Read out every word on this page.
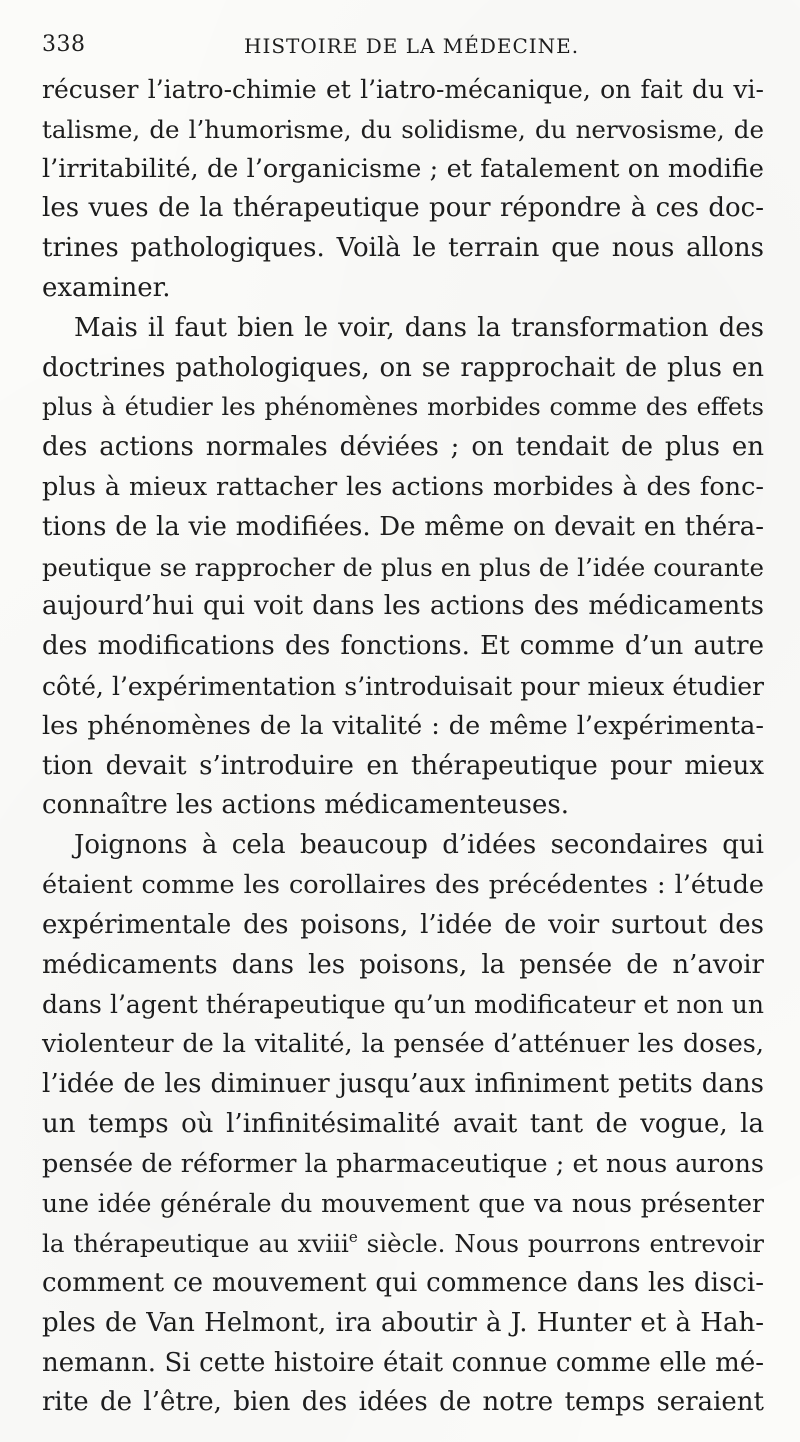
338	HISTOIRE DE LA MÉDECINE.
récuser l’iatro-chimie et l’iatro-mécanique, on fait du vi-
talisme, de l’humorisme, du solidisme, du nervosisme, de
l’irritabilité, de l’organicisme ; et fatalement on modifie
les vues de la thérapeutique pour répondre à ces doc-
trines pathologiques. Voilà le terrain que nous allons
examiner.
Mais il faut bien le voir, dans la transformation des
doctrines pathologiques, on se rapprochait de plus en
plus à étudier les phénomènes morbides comme des effets
des actions normales déviées ; on tendait de plus en
plus à mieux rattacher les actions morbides à des fonc-
tions de la vie modifiées. De même on devait en théra-
peutique se rapprocher de plus en plus de l’idée courante
aujourd’hui qui voit dans les actions des médicaments
des modifications des fonctions. Et comme d’un autre
côté, l’expérimentation s’introduisait pour mieux étudier
les phénomènes de la vitalité : de même l’expérimenta-
tion devait s’introduire en thérapeutique pour mieux
connaître les actions médicamenteuses.
Joignons à cela beaucoup d’idées secondaires qui
étaient comme les corollaires des précédentes : l’étude
expérimentale des poisons, l’idée de voir surtout des
médicaments dans les poisons, la pensée de n’avoir
dans l’agent thérapeutique qu’un modificateur et non un
violenteur de la vitalité, la pensée d’atténuer les doses,
l’idée de les diminuer jusqu’aux infiniment petits dans
un temps où l’infinitésimalité avait tant de vogue, la
pensée de réformer la pharmaceutique ; et nous aurons
une idée générale du mouvement que va nous présenter
la thérapeutique au xviii$^e$ siècle. Nous pourrons entrevoir
comment ce mouvement qui commence dans les disci-
ples de Van Helmont, ira aboutir à J. Hunter et à Hah-
nemann. Si cette histoire était connue comme elle mé-
rite de l’être, bien des idées de notre temps seraient
